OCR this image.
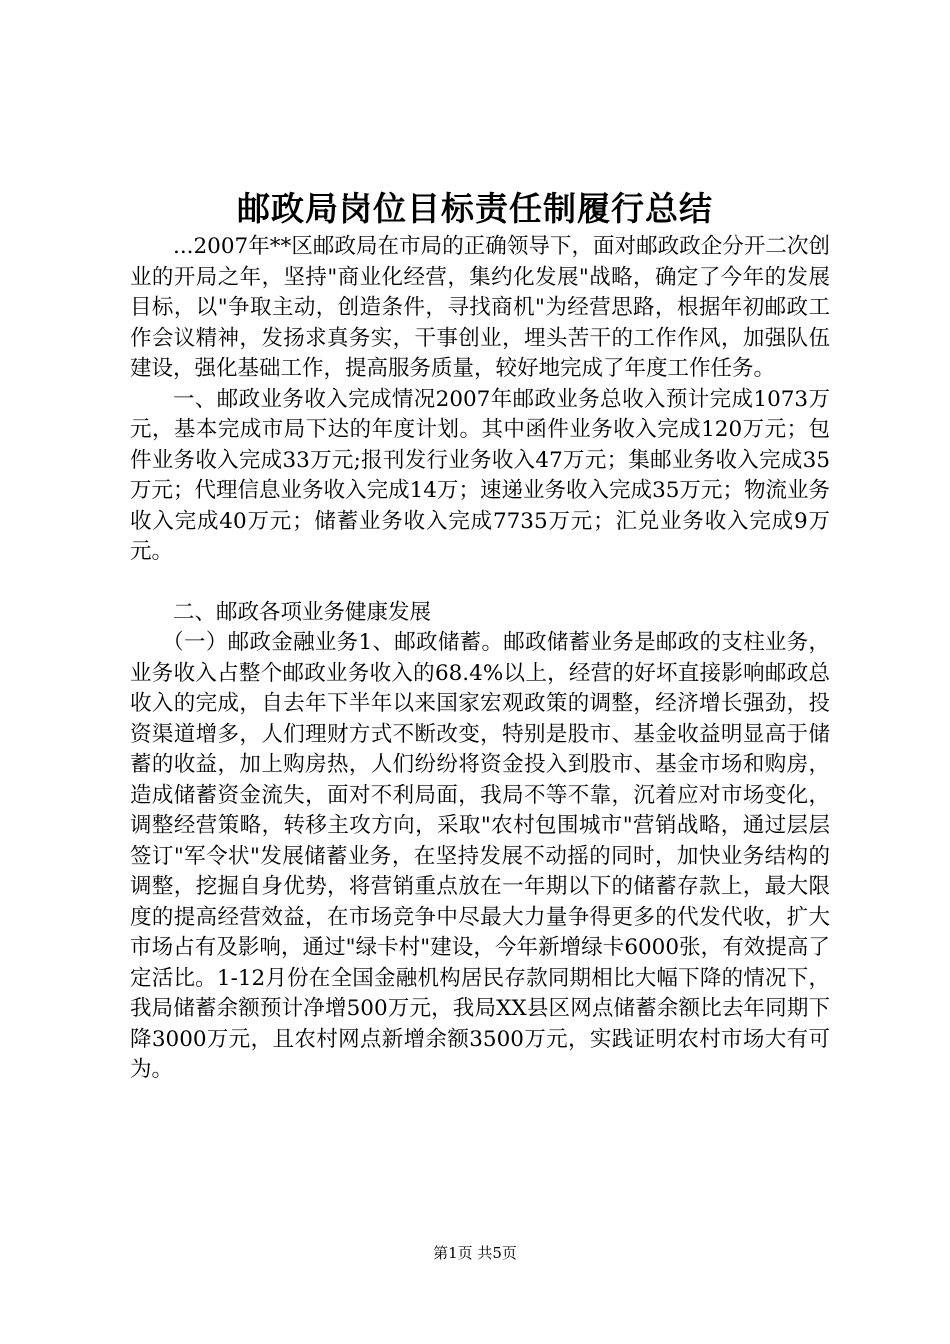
邮政局岗位目标责任制履行总结

...2007年**区邮政局在市局的正确领导下，面对邮政政企分开二次创业的开局之年，坚持"商业化经营，集约化发展"战略，确定了今年的发展目标，以"争取主动，创造条件，寻找商机"为经营思路，根据年初邮政工作会议精神，发扬求真务实，干事创业，埋头苦干的工作作风，加强队伍建设，强化基础工作，提高服务质量，较好地完成了年度工作任务。

一、邮政业务收入完成情况2007年邮政业务总收入预计完成1073万元，基本完成市局下达的年度计划。其中函件业务收入完成120万元；包件业务收入完成33万元;报刊发行业务收入47万元；集邮业务收入完成35万元；代理信息业务收入完成14万；速递业务收入完成35万元；物流业务收入完成40万元；储蓄业务收入完成7735万元；汇兑业务收入完成9万元。

二、邮政各项业务健康发展

（一）邮政金融业务1、邮政储蓄。邮政储蓄业务是邮政的支柱业务，业务收入占整个邮政业务收入的68.4%以上，经营的好坏直接影响邮政总收入的完成，自去年下半年以来国家宏观政策的调整，经济增长强劲，投资渠道增多，人们理财方式不断改变，特别是股市、基金收益明显高于储蓄的收益，加上购房热，人们纷纷将资金投入到股市、基金市场和购房，造成储蓄资金流失，面对不利局面，我局不等不靠，沉着应对市场变化，调整经营策略，转移主攻方向，采取"农村包围城市"营销战略，通过层层签订"军令状"发展储蓄业务，在坚持发展不动摇的同时，加快业务结构的调整，挖掘自身优势，将营销重点放在一年期以下的储蓄存款上，最大限度的提高经营效益，在市场竞争中尽最大力量争得更多的代发代收，扩大市场占有及影响，通过"绿卡村"建设，今年新增绿卡6000张，有效提高了定活比。1-12月份在全国金融机构居民存款同期相比大幅下降的情况下，我局储蓄余额预计净增500万元，我局XX县区网点储蓄余额比去年同期下降3000万元，且农村网点新增余额3500万元，实践证明农村市场大有可为。

第1页 共5页
